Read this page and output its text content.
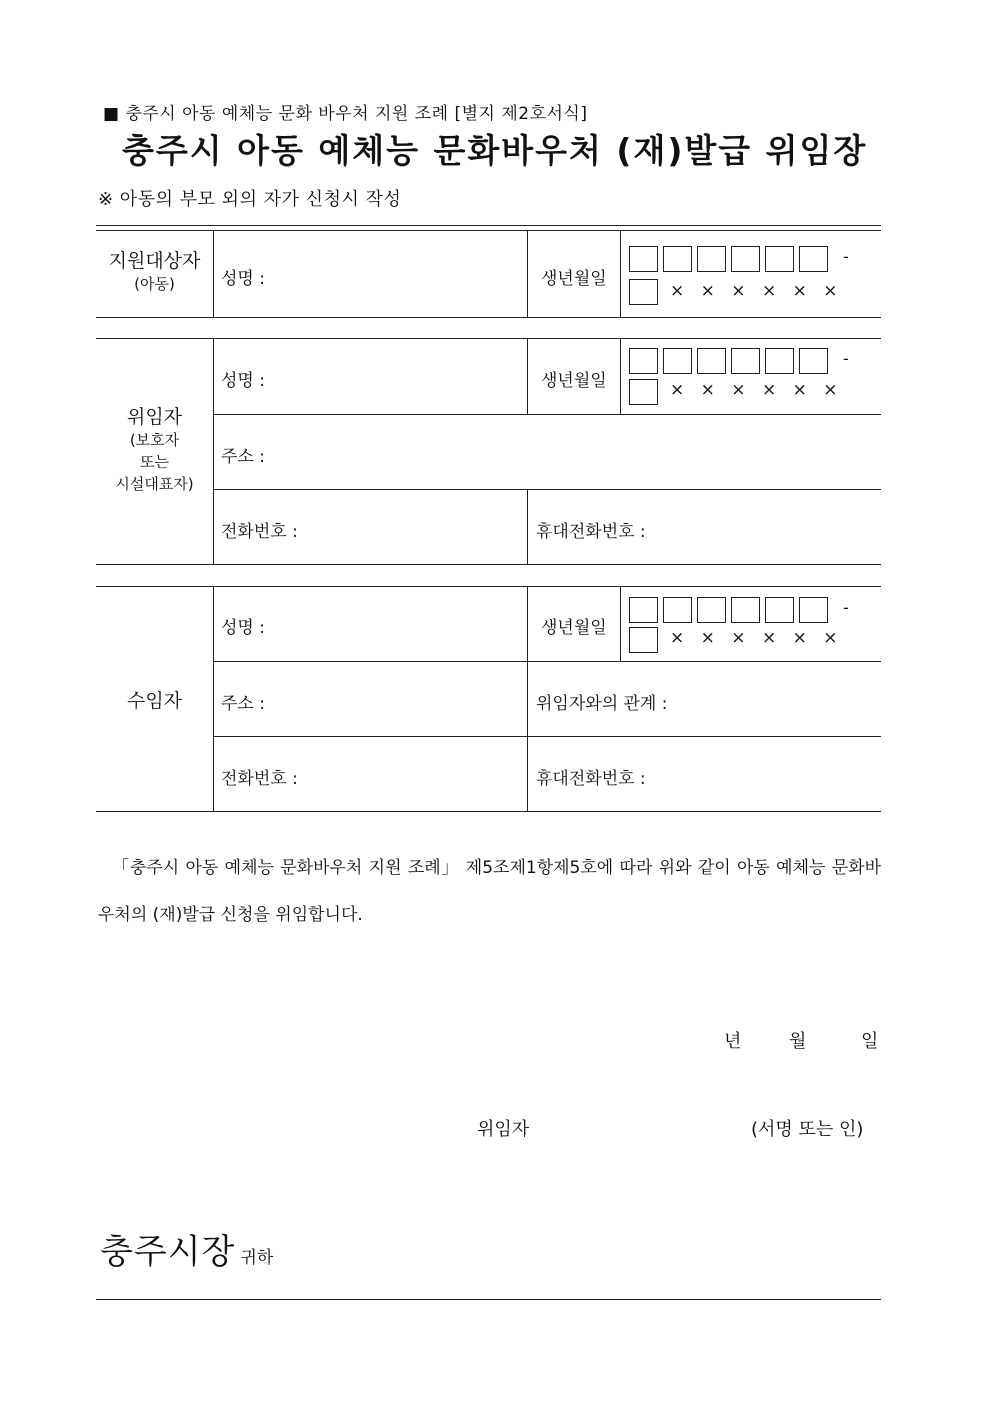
■ 충주시 아동 예체능 문화 바우처 지원 조례 [별지 제2호서식]
충주시 아동 예체능 문화바우처 (재)발급 위임장
※ 아동의 부모 외의 자가 신청시 작성
지원대상자
(아동)	성명 :	생년월일
-
× × × × × ×
위임자
(보호자
또는
시설대표자)
성명 :	생년월일
-
× × × × × ×
주소 :
전화번호 :	휴대전화번호 :
수임자
성명 :	생년월일
-
× × × × × ×
주소 :	위임자와의 관계 :
전화번호 :	휴대전화번호 :
「충주시 아동 예체능 문화바우처 지원 조례」 제5조제1항제5호에 따라 위와 같이 아동 예체능 문화바우처의 (재)발급 신청을 위임합니다.
년	월	일
위임자	(서명 또는 인)
충주시장 귀하
